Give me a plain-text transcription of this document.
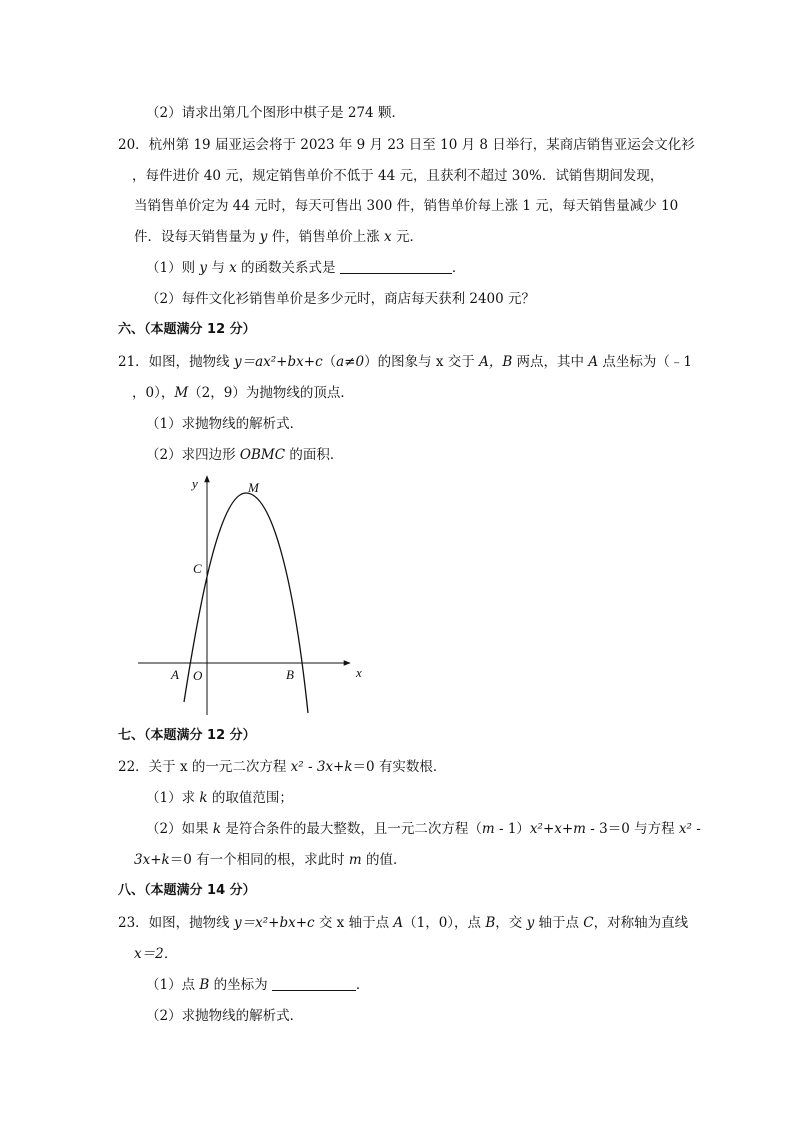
（2）请求出第几个图形中棋子是 274 颗．
20．杭州第 19 届亚运会将于 2023 年 9 月 23 日至 10 月 8 日举行，某商店销售亚运会文化衫
，每件进价 40 元，规定销售单价不低于 44 元，且获利不超过 30%．试销售期间发现，
当销售单价定为 44 元时，每天可售出 300 件，销售单价每上涨 1 元，每天销售量减少 10
件．设每天销售量为 y 件，销售单价上涨 x 元．
（1）则 y 与 x 的函数关系式是	．
（2）每件文化衫销售单价是多少元时，商店每天获利 2400 元？
六、（本题满分 12 分）
21．如图，抛物线 y＝ax²+bx+c（a≠0）的图象与 x 交于 A，B 两点，其中 A 点坐标为（﹣1
，0），M（2，9）为抛物线的顶点．
（1）求抛物线的解析式．
（2）求四边形 OBMC 的面积．
y
x
M
C
A O	B
七、（本题满分 12 分）
22．关于 x 的一元二次方程 x² - 3x+k＝0 有实数根．
（1）求 k 的取值范围；
（2）如果 k 是符合条件的最大整数，且一元二次方程（m - 1）x²+x+m - 3＝0 与方程 x² -
3x+k＝0 有一个相同的根，求此时 m 的值．
八、（本题满分 14 分）
23．如图，抛物线 y＝x²+bx+c 交 x 轴于点 A（1，0），点 B，交 y 轴于点 C，对称轴为直线
x＝2．
（1）点 B 的坐标为	．
（2）求抛物线的解析式．
